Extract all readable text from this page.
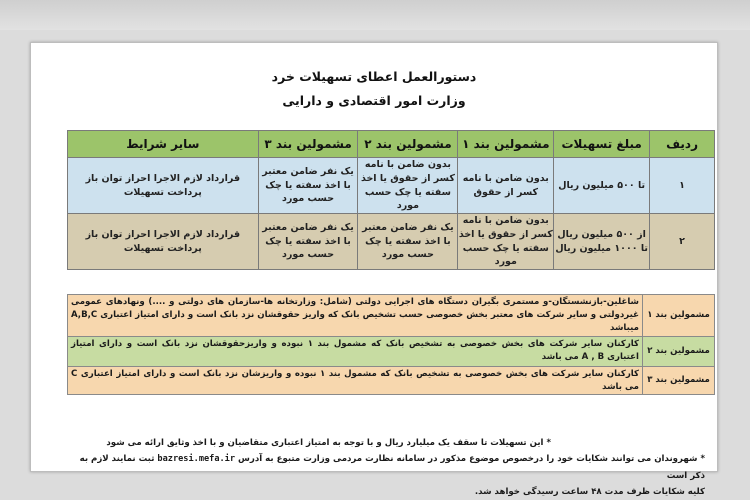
دستورالعمل اعطای تسهیلات خرد
وزارت امور اقتصادی و دارایی
ردیف	مبلغ تسهیلات	مشمولین بند ۱	مشمولین بند ۲	مشمولین بند ۳	سایر شرایط
۱	تا ۵۰۰ میلیون ریال	بدون ضامن با نامه کسر از حقوق	بدون ضامن با نامه کسر از حقوق یا اخذ سفته یا چک حسب مورد	یک نفر ضامن معتبر با اخذ سفته یا چک حسب مورد	قرارداد لازم الاجرا احراز توان باز پرداخت تسهیلات
۲	از ۵۰۰ میلیون ریال تا ۱۰۰۰ میلیون ریال	بدون ضامن با نامه کسر از حقوق یا اخذ سفته یا چک حسب مورد	یک نفر ضامن معتبر با اخذ سفته یا چک حسب مورد	یک نفر ضامن معتبر با اخذ سفته یا چک حسب مورد	قرارداد لازم الاجرا احراز توان باز پرداخت تسهیلات
مشمولین بند ۱	شاغلین-بازنشستگان-و مستمری بگیران دستگاه های اجرایی دولتی (شامل: وزارتخانه ها-سازمان های دولتی و ....) ونهادهای عمومی غیردولتی و سایر شرکت های معتبر بخش خصوصی حسب تشخیص بانک که واریز حقوقشان نزد بانک است و دارای امتیاز اعتباری A,B,C میباشد
مشمولین بند ۲	کارکنان سایر شرکت های بخش خصوصی به تشخیص بانک که مشمول بند ۱ نبوده و واریزحقوقشان نزد بانک است و دارای امتیاز اعتباری A , B می باشد
مشمولین بند ۳	کارکنان سایر شرکت های بخش خصوصی به تشخیص بانک که مشمول بند ۱ نبوده و واریزشان نزد بانک است و دارای امتیاز اعتباری C می باشد
* این تسهیلات تا سقف یک میلیارد ریال و با توجه به امتیاز اعتباری متقاضیان و با اخذ وثایق ارائه می شود
* شهروندان می توانند شکایات خود را درخصوص موضوع مذکور در سامانه نظارت مردمی وزارت متبوع به آدرس bazresi.mefa.ir ثبت نمایند لازم به ذکر است
کلیه شکایات ظرف مدت ۴۸ ساعت رسیدگی خواهد شد.
